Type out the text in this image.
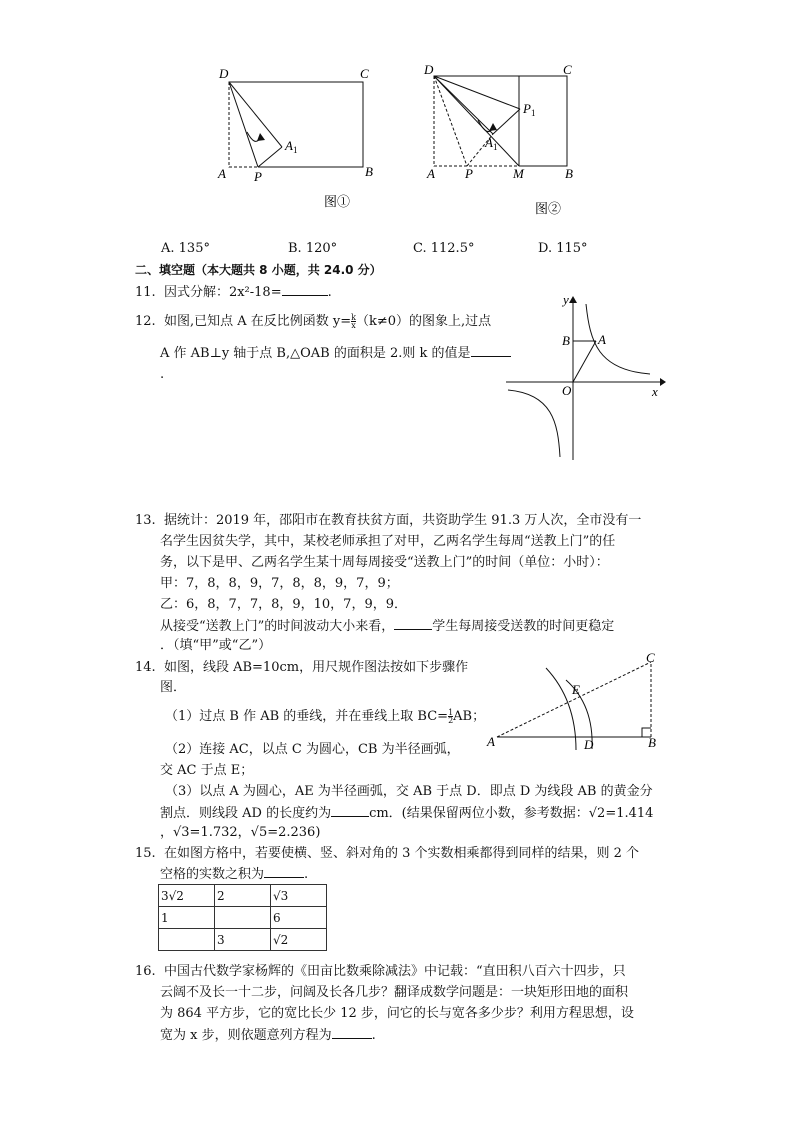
D	C
A P	B
$A_1$
图①
D	C
A P	M	B
$P_1$
$A_1$
图②
A. 135°	B. 120°	C. 112.5°	D. 115°
二、填空题（本大题共 8 小题，共 24.0 分）
11. 因式分解：2x²-18=	.
12. 如图,已知点 A 在反比例函数 $y= \frac{k}{x} (k\ne 0)$的图象上,过点
A 作 AB⊥y 轴于点 B,△OAB 的面积是 2.则 k 的值是
.
y
x
O
B A
13. 据统计：2019 年，邵阳市在教育扶贫方面，共资助学生 91.3 万人次，全市没有一
名学生因贫失学，其中，某校老师承担了对甲，乙两名学生每周“送教上门”的任
务，以下是甲、乙两名学生某十周每周接受“送教上门”的时间（单位：小时）：
甲：7，8，8，9，7，8，8，9，7，9；
乙：6，8，7，7，8，9，10，7，9，9．
从接受“送教上门”的时间波动大小来看，	学生每周接受送教的时间更稳定
．（填“甲”或“乙”）
14. 如图，线段 AB=10cm，用尺规作图法按如下步骤作
图．
（1）过点 B 作 AB 的垂线，并在垂线上取 $BC= \frac{1}{2}$ AB；
（2）连接 AC，以点 C 为圆心，CB 为半径画弧，
交 AC 于点 E；
（3）以点 A 为圆心，AE 为半径画弧，交 AB 于点 D．即点 D 为线段 AB 的黄金分
割点．则线段 AD 的长度约为	cm．(结果保留两位小数，参考数据：√2=1.414
，√3=1.732，√5=2.236)
C
E
A	D	B
15. 在如图方格中，若要使横、竖、斜对角的 3 个实数相乘都得到同样的结果，则 2 个
空格的实数之积为	.
3√2	2	√3
1		6
	3	√2
16. 中国古代数学家杨辉的《田亩比数乘除减法》中记载：“直田积八百六十四步，只
云阔不及长一十二步，问阔及长各几步？翻译成数学问题是：一块矩形田地的面积
为 864 平方步，它的宽比长少 12 步，问它的长与宽各多少步？利用方程思想，设
宽为 x 步，则依题意列方程为	.
